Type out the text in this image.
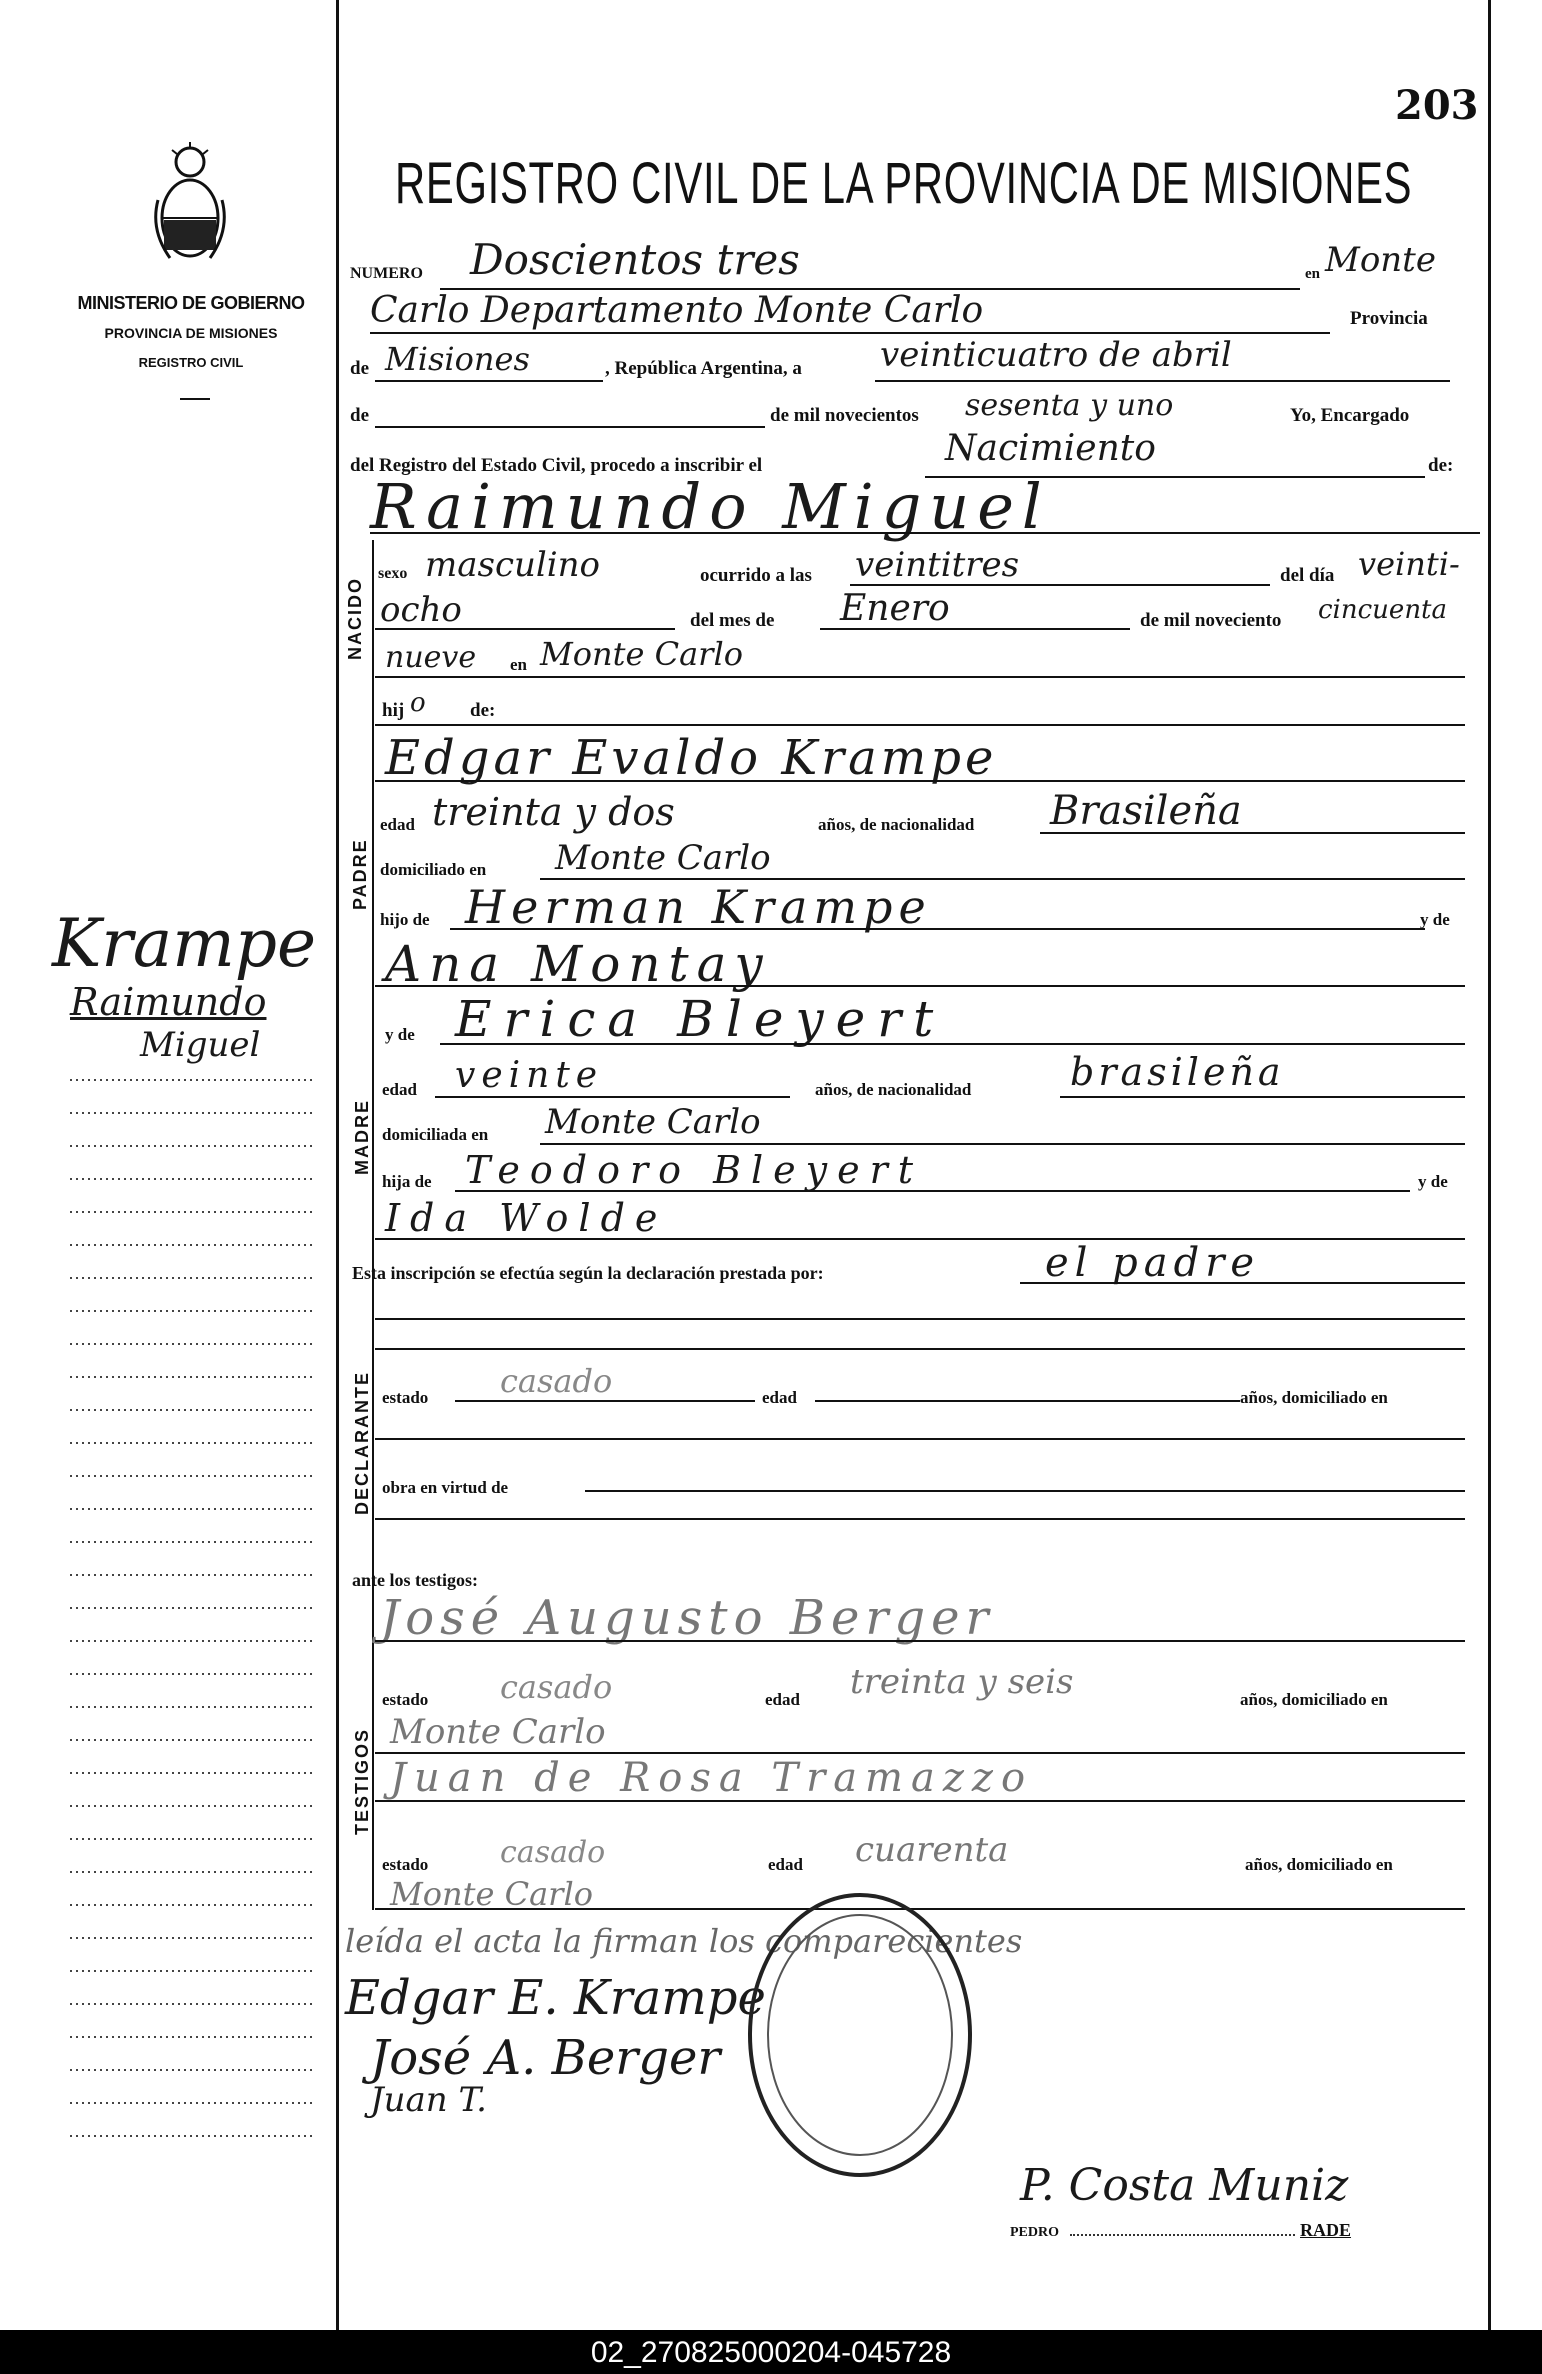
203
MINISTERIO DE GOBIERNO
PROVINCIA DE MISIONES
REGISTRO CIVIL
REGISTRO CIVIL DE LA PROVINCIA DE MISIONES
NUMERO Doscientos tres	en Monte
Carlo Departamento Monte Carlo	Provincia
de Misiones	, República Argentina, a veinticuatro de abril
de	de mil novecientos sesenta y uno	Yo, Encargado
del Registro del Estado Civil, procedo a inscribir el	Nacimiento	de:
Raimundo Miguel
NACIDO
sexo masculino	ocurrido a las veintitres	del día veinti-
ocho	del mes de Enero	de mil noveciento cincuenta
nueve en Monte Carlo
hij o de:
PADRE
Edgar Evaldo Krampe
edad treinta y dos	años, de nacionalidad Brasileña
domiciliado en Monte Carlo
hijo de Herman Krampe	y de
Ana Montay
MADRE
y de Erica Bleyert
edad veinte	años, de nacionalidad	brasileña
domiciliada en Monte Carlo
hija de Teodoro Bleyert	y de
Ida Wolde
Esta inscripción se efectúa según la declaración prestada por:	el padre
DECLARANTE estado casado	edad	años, domiciliado en
obra en virtud de
ante los testigos:
TESTIGOS
José Augusto Berger
estado casado	edad treinta y seis	años, domiciliado en
Monte Carlo
Juan de Rosa Tramazzo
estado casado	edad cuarenta	años, domiciliado en
Monte Carlo
leída el acta la firman los comparecientes
Edgar E. Krampe
José A. Berger
Juan T.
P. Costa Muniz
PEDRO	RADE
Krampe
Raimundo
Miguel
02_270825000204-045728
